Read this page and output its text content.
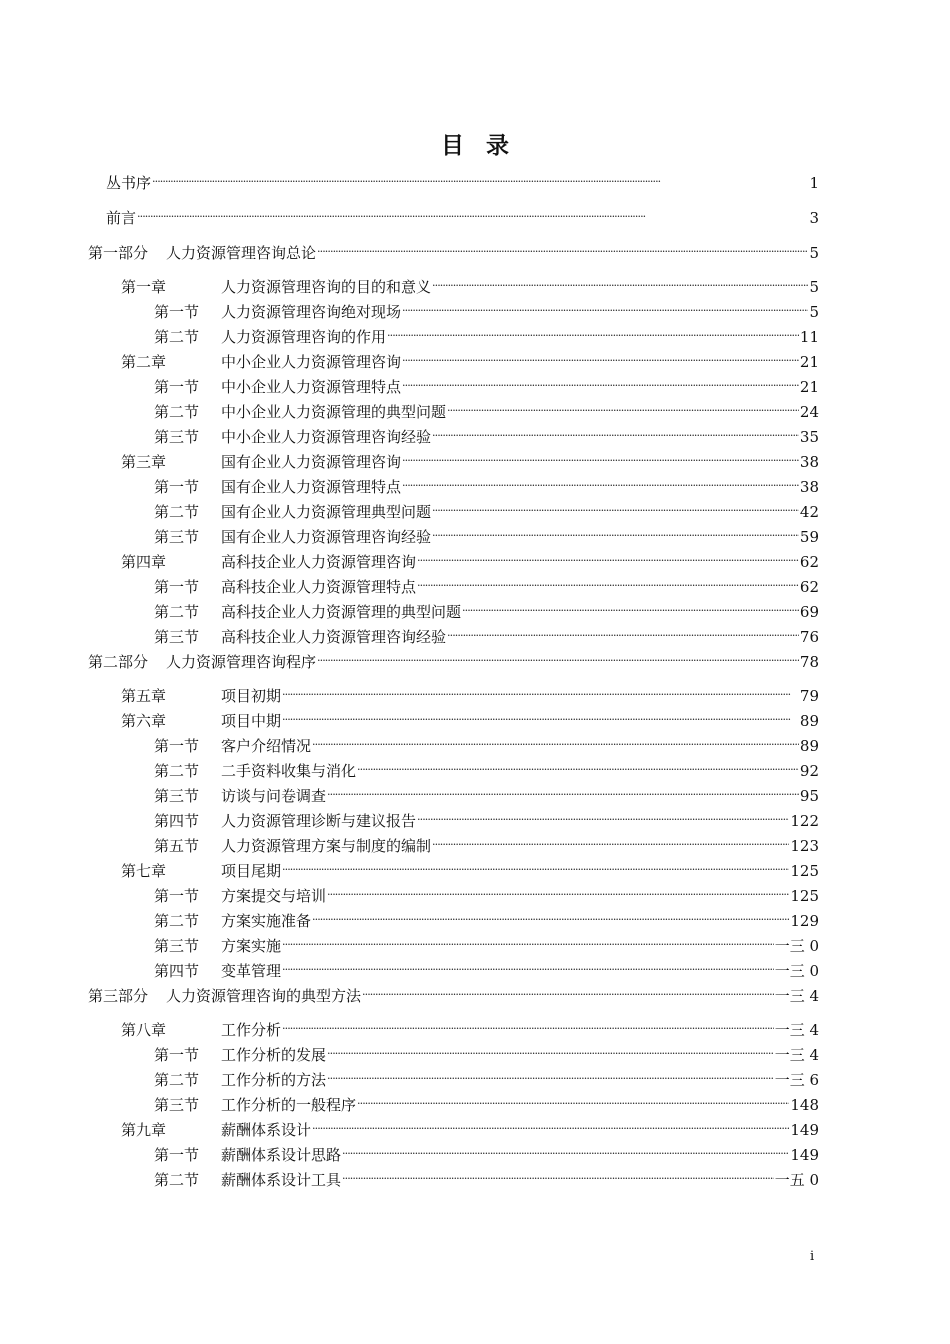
目 录
丛书序 . . .	1
前言 . . .	3
第一部分 人力资源管理咨询总论 . . .	5
第一章	人力资源管理咨询的目的和意义 . . .	5
第一节	人力资源管理咨询绝对现场 . . .	5
第二节	人力资源管理咨询的作用 . . .	11
第二章	中小企业人力资源管理咨询 . . .	21
第一节	中小企业人力资源管理特点 . . .	21
第二节	中小企业人力资源管理的典型问题 . . .	24
第三节	中小企业人力资源管理咨询经验 . . .	35
第三章	国有企业人力资源管理咨询 . . .	38
第一节	国有企业人力资源管理特点 . . .	38
第二节	国有企业人力资源管理典型问题 . . .	42
第三节	国有企业人力资源管理咨询经验 . . .	59
第四章	高科技企业人力资源管理咨询 . . .	62
第一节	高科技企业人力资源管理特点 . . .	62
第二节	高科技企业人力资源管理的典型问题 . . .	69
第三节	高科技企业人力资源管理咨询经验 . . .	76
第二部分 人力资源管理咨询程序 . . .	78
第五章	项目初期 . . .	79
第六章	项目中期 . . .	89
第一节	客户介绍情况 . . .	89
第二节	二手资料收集与消化 . . .	92
第三节	访谈与问卷调查 . . .	95
第四节	人力资源管理诊断与建议报告 . . .	122
第五节	人力资源管理方案与制度的编制 . . .	123
第七章	项目尾期 . . .	125
第一节	方案提交与培训 . . .	125
第二节	方案实施准备 . . .	129
第三节	方案实施 . . .	一三 0
第四节	变革管理 . . .	一三 0
第三部分 人力资源管理咨询的典型方法 . . .	一三 4
第八章	工作分析 . . .	一三 4
第一节	工作分析的发展 . . .	一三 4
第二节	工作分析的方法 . . .	一三 6
第三节	工作分析的一般程序 . . .	148
第九章	薪酬体系设计 . . .	149
第一节	薪酬体系设计思路 . . .	149
第二节	薪酬体系设计工具 . . .	一五 0
i
